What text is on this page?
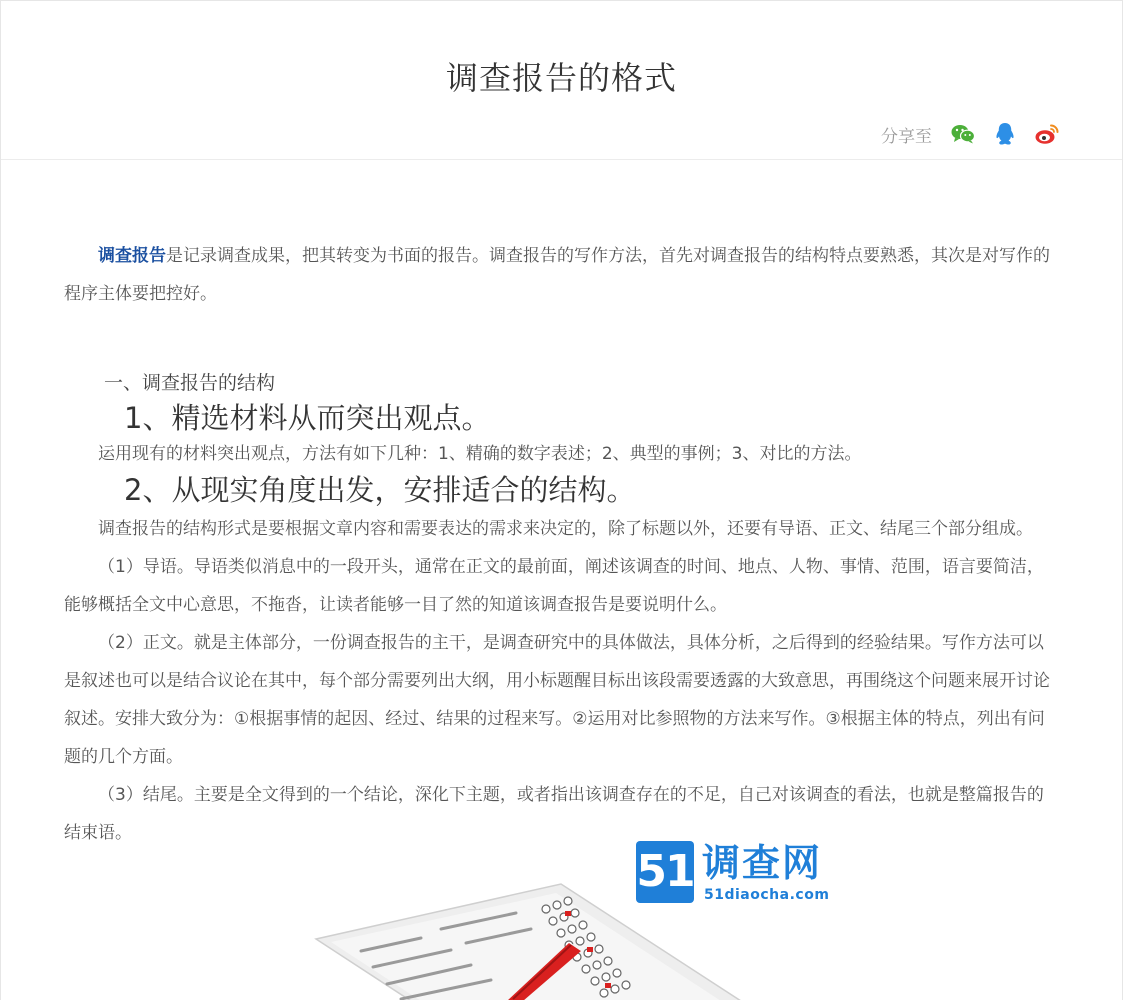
调查报告的格式
分享至

调查报告是记录调查成果，把其转变为书面的报告。调查报告的写作方法，首先对调查报告的结构特点要熟悉，其次是对写作的程序主体要把控好。

一、调查报告的结构
1、精选材料从而突出观点。
运用现有的材料突出观点，方法有如下几种：1、精确的数字表述；2、典型的事例；3、对比的方法。
2、从现实角度出发，安排适合的结构。
调查报告的结构形式是要根据文章内容和需要表达的需求来决定的，除了标题以外，还要有导语、正文、结尾三个部分组成。

（1）导语。导语类似消息中的一段开头，通常在正文的最前面，阐述该调查的时间、地点、人物、事情、范围，语言要简洁，能够概括全文中心意思，不拖沓，让读者能够一目了然的知道该调查报告是要说明什么。

（2）正文。就是主体部分，一份调查报告的主干，是调查研究中的具体做法，具体分析，之后得到的经验结果。写作方法可以是叙述也可以是结合议论在其中，每个部分需要列出大纲，用小标题醒目标出该段需要透露的大致意思，再围绕这个问题来展开讨论叙述。安排大致分为：①根据事情的起因、经过、结果的过程来写。②运用对比参照物的方法来写作。③根据主体的特点，列出有问题的几个方面。

（3）结尾。主要是全文得到的一个结论，深化下主题，或者指出该调查存在的不足，自己对该调查的看法，也就是整篇报告的结束语。

51 调查网
51diaocha.com
